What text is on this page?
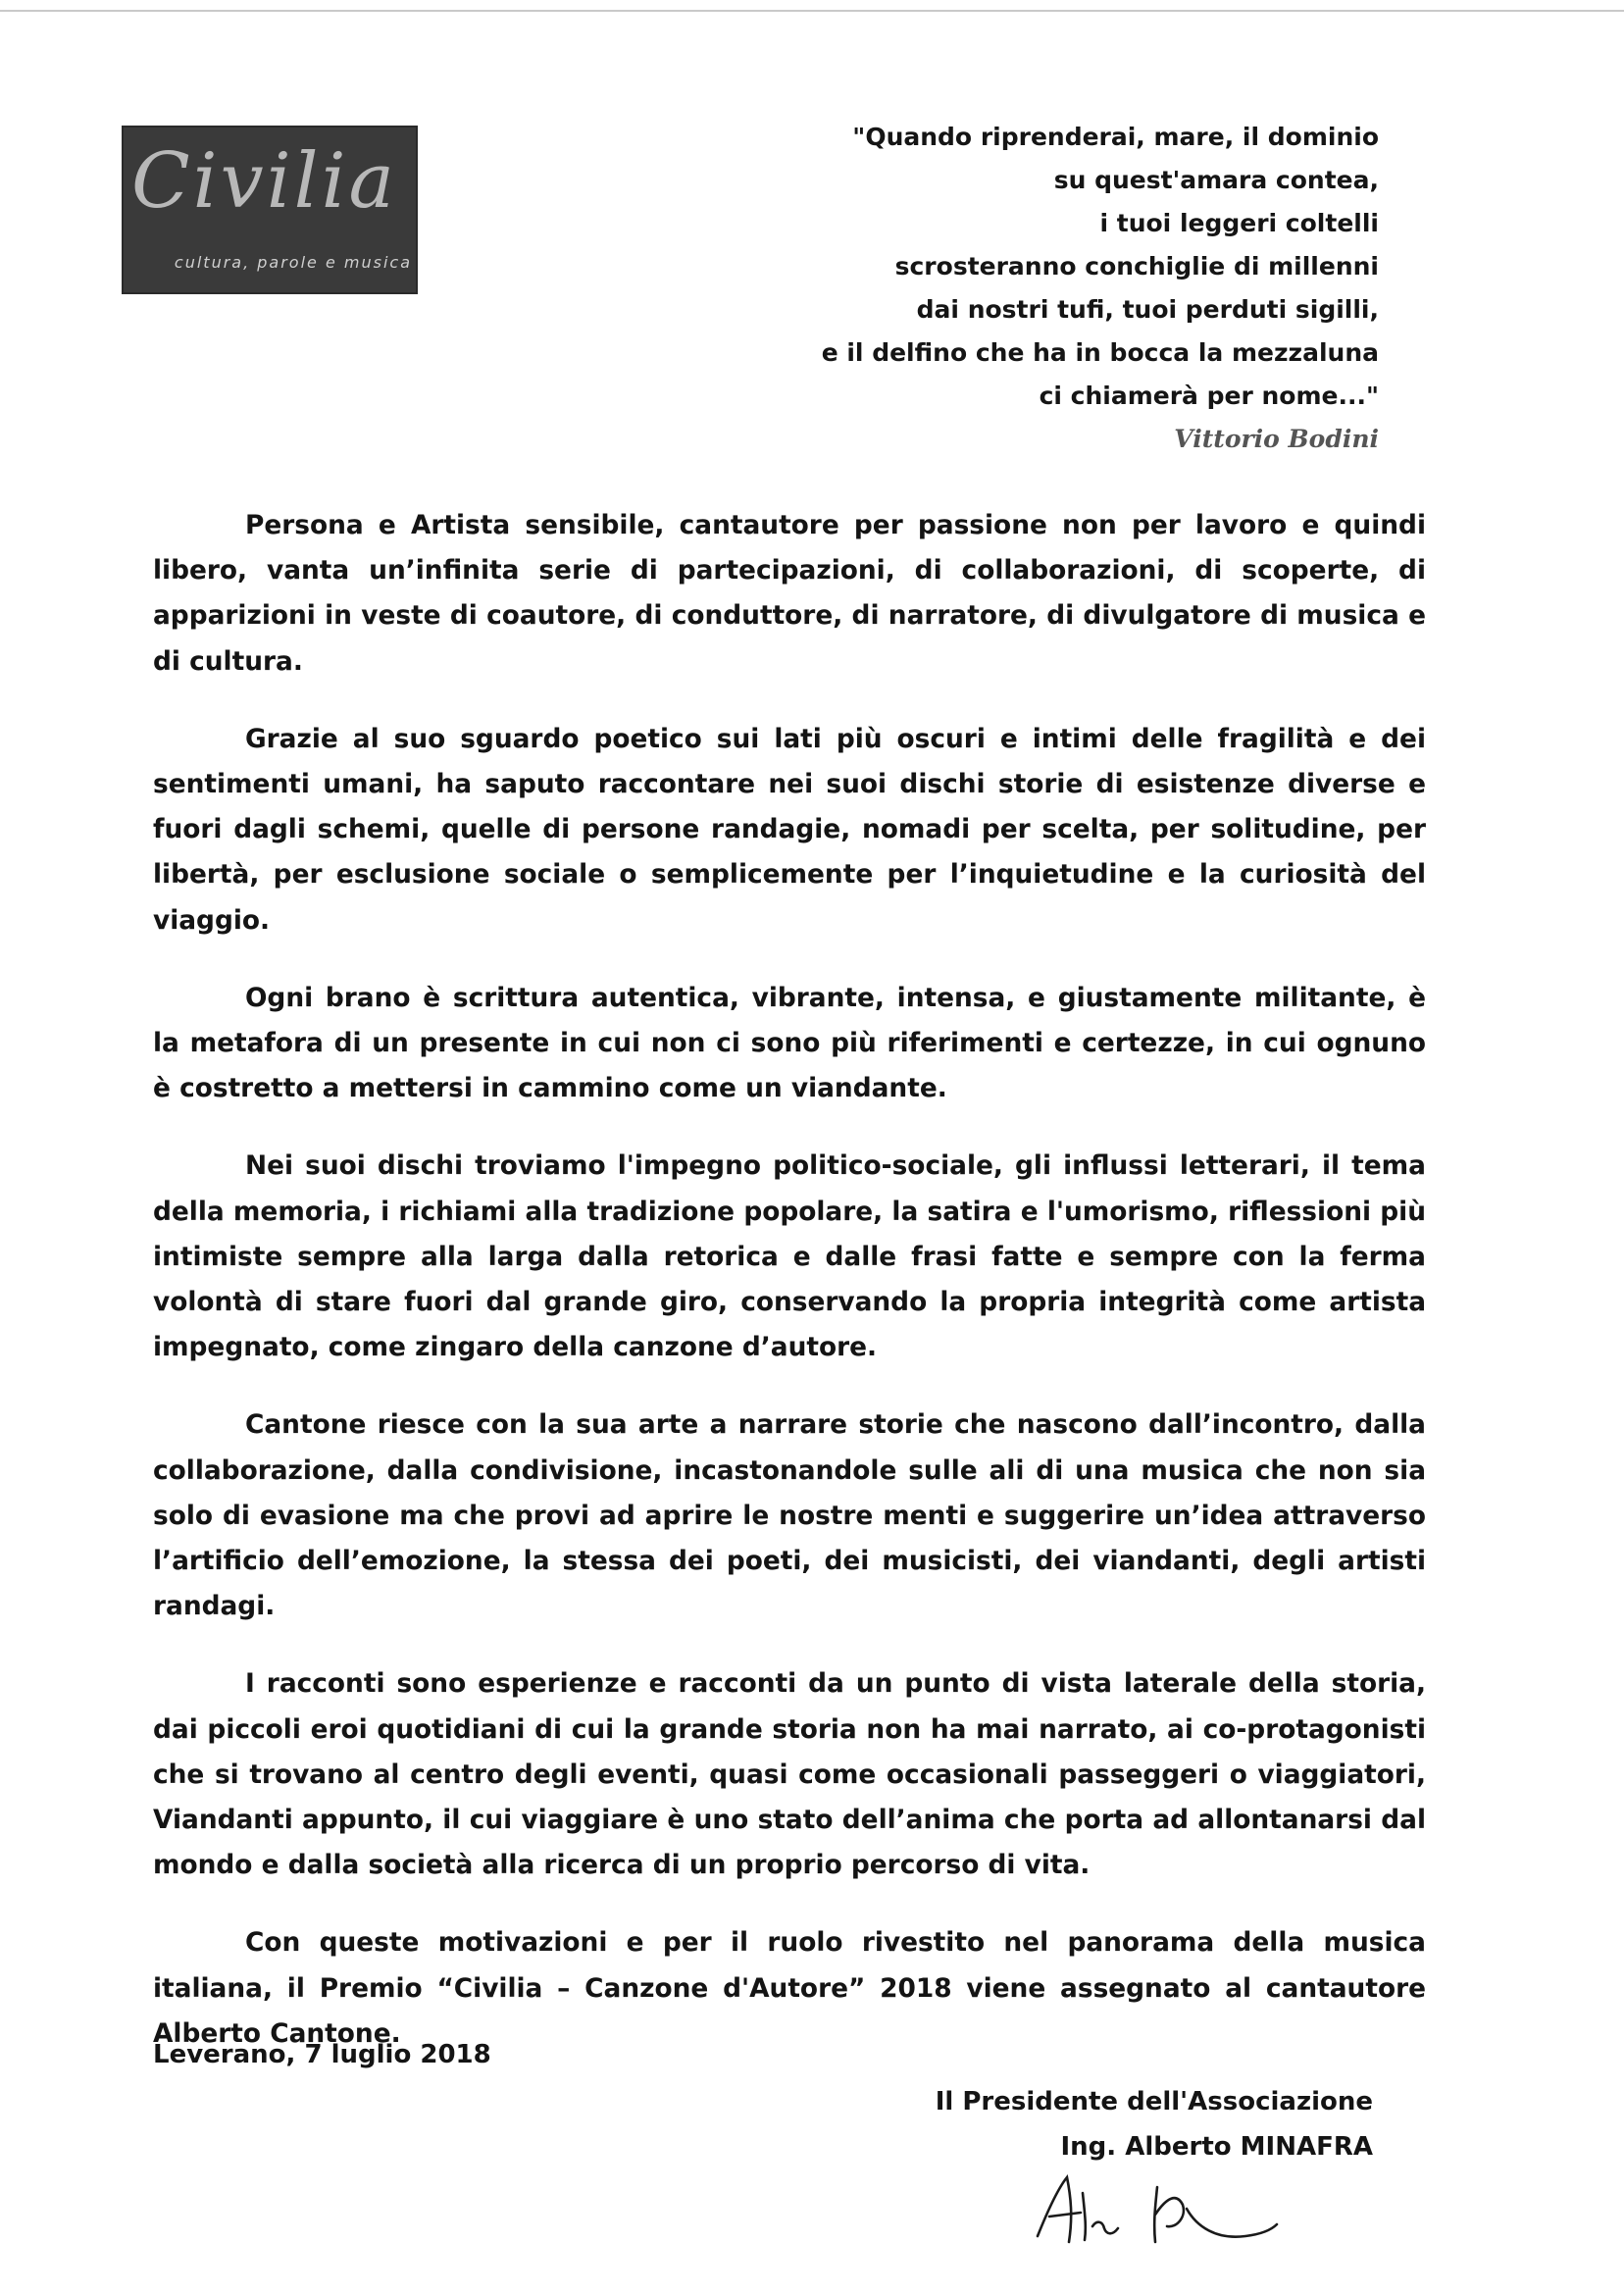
Civilia
cultura, parole e musica
"Quando riprenderai, mare, il dominio
su quest'amara contea,
i tuoi leggeri coltelli
scrosteranno conchiglie di millenni
dai nostri tufi, tuoi perduti sigilli,
e il delfino che ha in bocca la mezzaluna
ci chiamerà per nome..."
Vittorio Bodini

Persona e Artista sensibile, cantautore per passione non per lavoro e quindi libero, vanta un’infinita serie di partecipazioni, di collaborazioni, di scoperte, di apparizioni in veste di coautore, di conduttore, di narratore, di divulgatore di musica e di cultura.

Grazie al suo sguardo poetico sui lati più oscuri e intimi delle fragilità e dei sentimenti umani, ha saputo raccontare nei suoi dischi storie di esistenze diverse e fuori dagli schemi, quelle di persone randagie, nomadi per scelta, per solitudine, per libertà, per esclusione sociale o semplicemente per l’inquietudine e la curiosità del viaggio.

Ogni brano è scrittura autentica, vibrante, intensa, e giustamente militante, è la metafora di un presente in cui non ci sono più riferimenti e certezze, in cui ognuno è costretto a mettersi in cammino come un viandante.

Nei suoi dischi troviamo l'impegno politico-sociale, gli influssi letterari, il tema della memoria, i richiami alla tradizione popolare, la satira e l'umorismo, riflessioni più intimiste sempre alla larga dalla retorica e dalle frasi fatte e sempre con la ferma volontà di stare fuori dal grande giro, conservando la propria integrità come artista impegnato, come zingaro della canzone d’autore.

Cantone riesce con la sua arte a narrare storie che nascono dall’incontro, dalla collaborazione, dalla condivisione, incastonandole sulle ali di una musica che non sia solo di evasione ma che provi ad aprire le nostre menti e suggerire un’idea attraverso l’artificio dell’emozione, la stessa dei poeti, dei musicisti, dei viandanti, degli artisti randagi.

I racconti sono esperienze e racconti da un punto di vista laterale della storia, dai piccoli eroi quotidiani di cui la grande storia non ha mai narrato, ai co-protagonisti che si trovano al centro degli eventi, quasi come occasionali passeggeri o viaggiatori, Viandanti appunto, il cui viaggiare è uno stato dell’anima che porta ad allontanarsi dal mondo e dalla società alla ricerca di un proprio percorso di vita.

Con queste motivazioni e per il ruolo rivestito nel panorama della musica italiana, il Premio “Civilia – Canzone d'Autore” 2018 viene assegnato al cantautore Alberto Cantone.

Leverano, 7 luglio 2018
Il Presidente dell'Associazione
Ing. Alberto MINAFRA
